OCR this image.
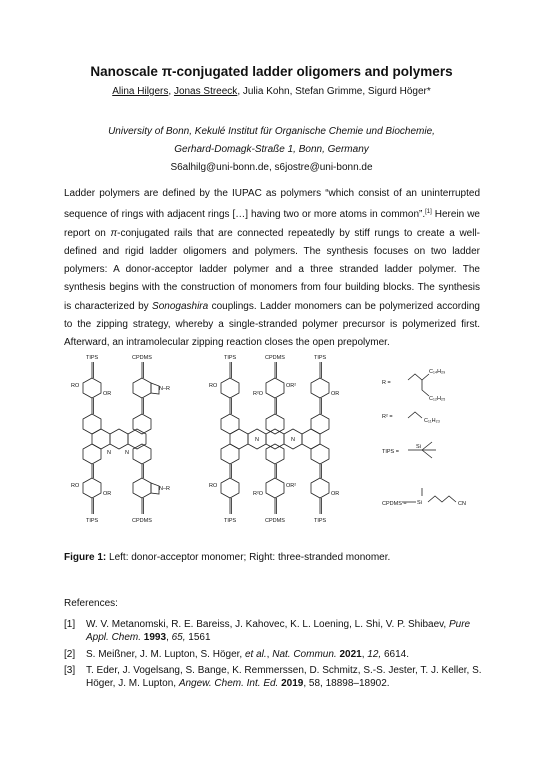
Nanoscale π-conjugated ladder oligomers and polymers
Alina Hilgers, Jonas Streeck, Julia Kohn, Stefan Grimme, Sigurd Höger*
University of Bonn, Kekulé Institut für Organische Chemie und Biochemie,
Gerhard-Domagk-Straße 1, Bonn, Germany
S6alhilg@uni-bonn.de, s6jostre@uni-bonn.de
Ladder polymers are defined by the IUPAC as polymers “which consist of an uninterrupted sequence of rings with adjacent rings […] having two or more atoms in common”.[1] Herein we report on π-conjugated rails that are connected repeatedly by stiff rungs to create a well-defined and rigid ladder oligomers and polymers. The synthesis focuses on two ladder polymers: A donor-acceptor ladder polymer and a three stranded ladder polymer. The synthesis begins with the construction of monomers from four building blocks. The synthesis is characterized by Sonogashira couplings. Ladder monomers can be polymerized according to the zipping strategy, whereby a single-stranded polymer precursor is polymerized first. Afterward, an intramolecular zipping reaction closes the open prepolymer.
TIPS	CPDMS
RO
OR
N–R
N	N
RO
OR
N–R
TIPS	CPDMS
TIPS	CPDMS	TIPS
RO
R²O
OR²
OR
N	N
RO
R²O
OR²
OR
TIPS	CPDMS	TIPS
R =
C₁₄H₂₉
C₁₂H₂₅
R² =
C₁₁H₂₃
TIPS =
Si
CPDMS = Si	CN
Figure 1: Left: donor-acceptor monomer; Right: three-stranded monomer.
References:
[1]	W. V. Metanomski, R. E. Bareiss, J. Kahovec, K. L. Loening, L. Shi, V. P. Shibaev, Pure Appl. Chem. 1993, 65, 1561
[2]	S. Meißner, J. M. Lupton, S. Höger, et al., Nat. Commun. 2021, 12, 6614.
[3]	T. Eder, J. Vogelsang, S. Bange, K. Remmerssen, D. Schmitz, S.-S. Jester, T. J. Keller, S. Höger, J. M. Lupton, Angew. Chem. Int. Ed. 2019, 58, 18898–18902.
